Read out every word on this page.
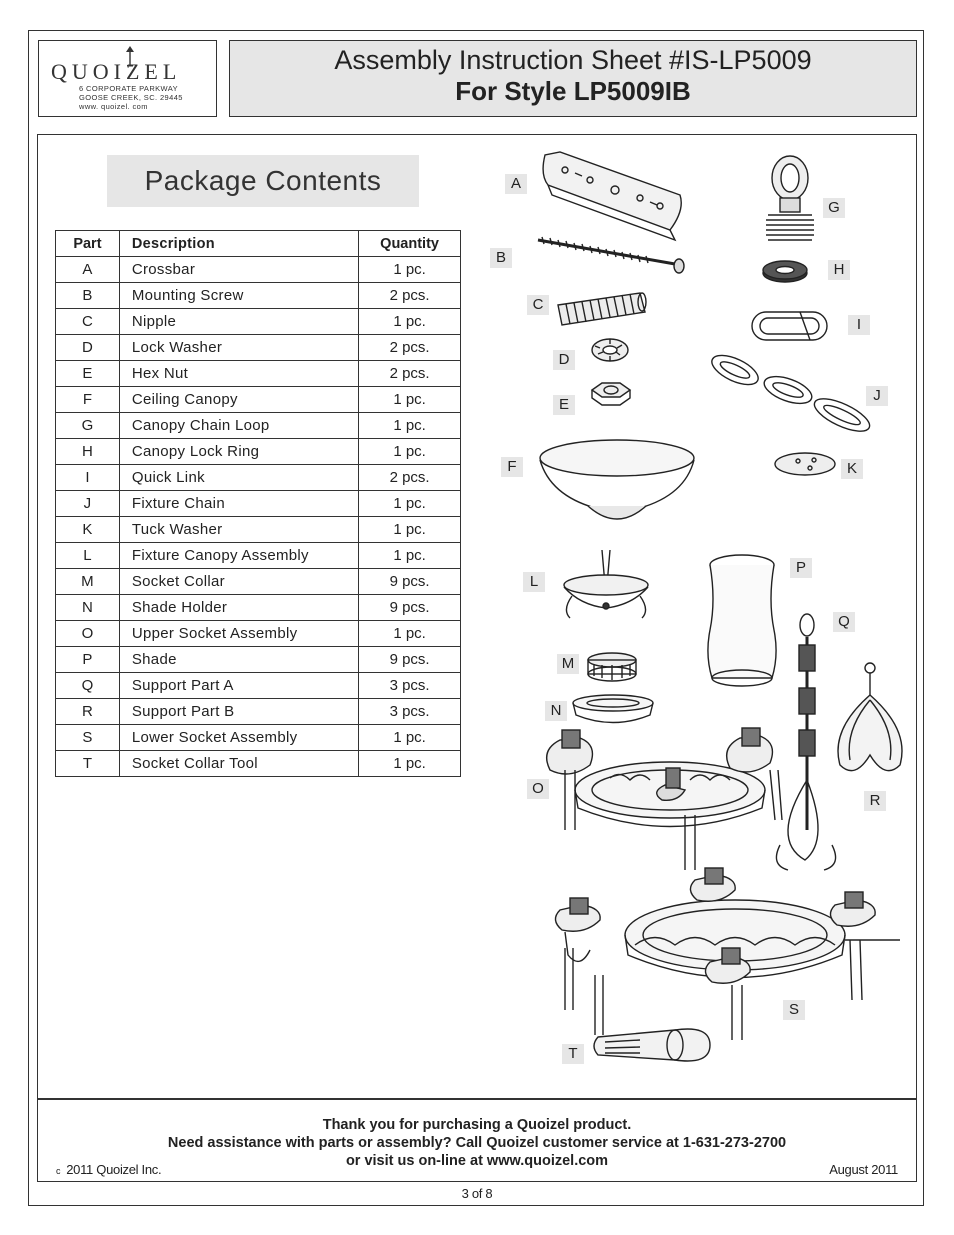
QUOIZEL
6 CORPORATE PARKWAY
GOOSE CREEK, SC. 29445
www. quoizel. com
Assembly Instruction Sheet #IS-LP5009
For Style LP5009IB
Package Contents
Part	Description	Quantity
A	Crossbar	1 pc.
B	Mounting Screw	2 pcs.
C	Nipple	1 pc.
D	Lock Washer	2 pcs.
E	Hex Nut	2 pcs.
F	Ceiling Canopy	1 pc.
G	Canopy Chain Loop	1 pc.
H	Canopy Lock Ring	1 pc.
I	Quick Link	2 pcs.
J	Fixture Chain	1 pc.
K	Tuck Washer	1 pc.
L	Fixture Canopy Assembly	1 pc.
M	Socket Collar	9 pcs.
N	Shade Holder	9 pcs.
O	Upper Socket Assembly	1 pc.
P	Shade	9 pcs.
Q	Support Part A	3 pcs.
R	Support Part B	3 pcs.
S	Lower Socket Assembly	1 pc.
T	Socket Collar Tool	1 pc.
A
B
C
D
E
F
G
H
I
J
K
L
M
N
O
P
Q
R
S
T
Thank you for purchasing a Quoizel product.
Need assistance with parts or assembly? Call Quoizel customer service at 1-631-273-2700
or visit us on-line at www.quoizel.com
c 2011 Quoizel Inc.	August 2011
3 of 8
